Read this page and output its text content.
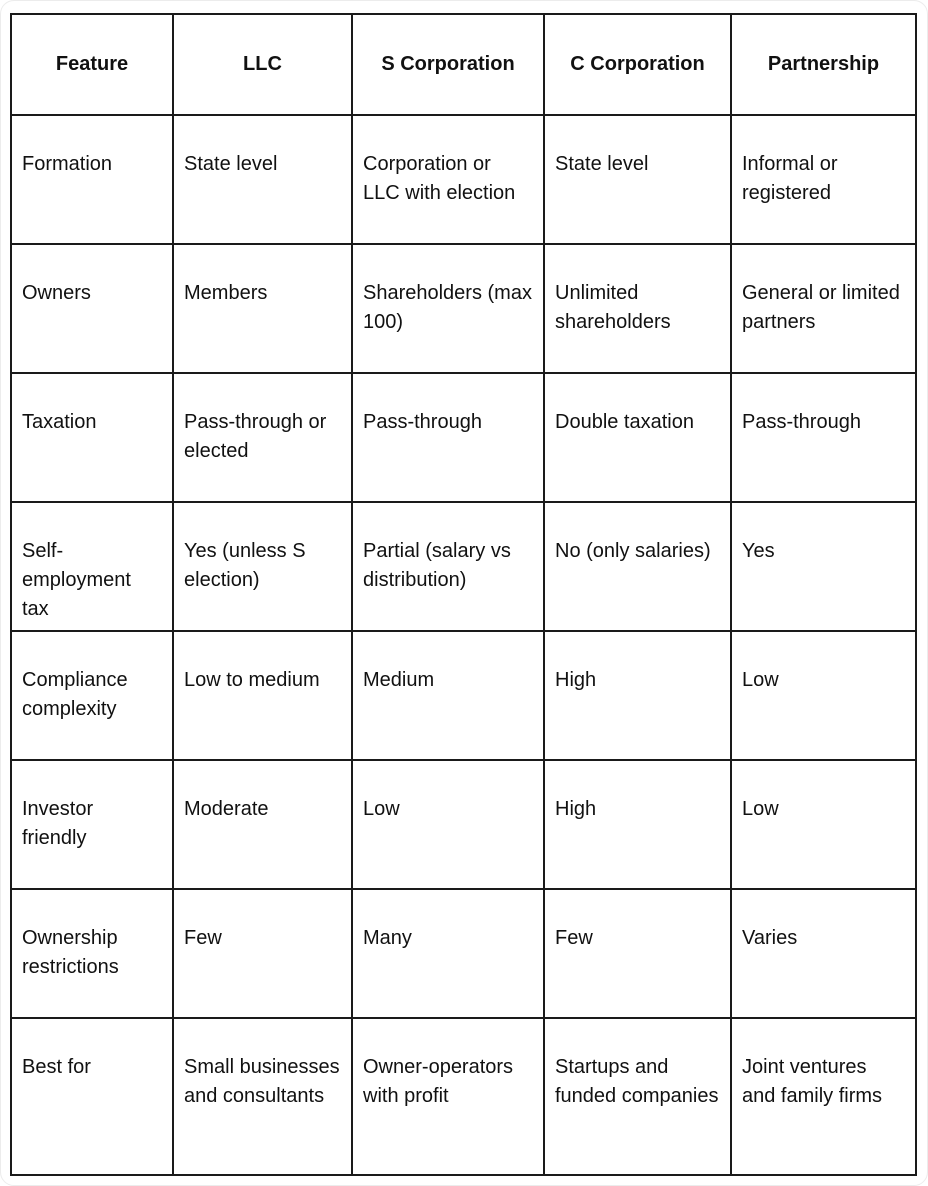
Feature	LLC	S Corporation	C Corporation	Partnership
Formation	State level	Corporation or LLC with election	State level	Informal or registered
Owners	Members	Shareholders (max 100)	Unlimited shareholders	General or limited partners
Taxation	Pass-through or elected	Pass-through	Double taxation	Pass-through
Self-employment tax	Yes (unless S election)	Partial (salary vs distribution)	No (only salaries)	Yes
Compliance complexity	Low to medium	Medium	High	Low
Investor friendly	Moderate	Low	High	Low
Ownership restrictions	Few	Many	Few	Varies
Best for	Small businesses and consultants	Owner-operators with profit	Startups and funded companies	Joint ventures and family firms
